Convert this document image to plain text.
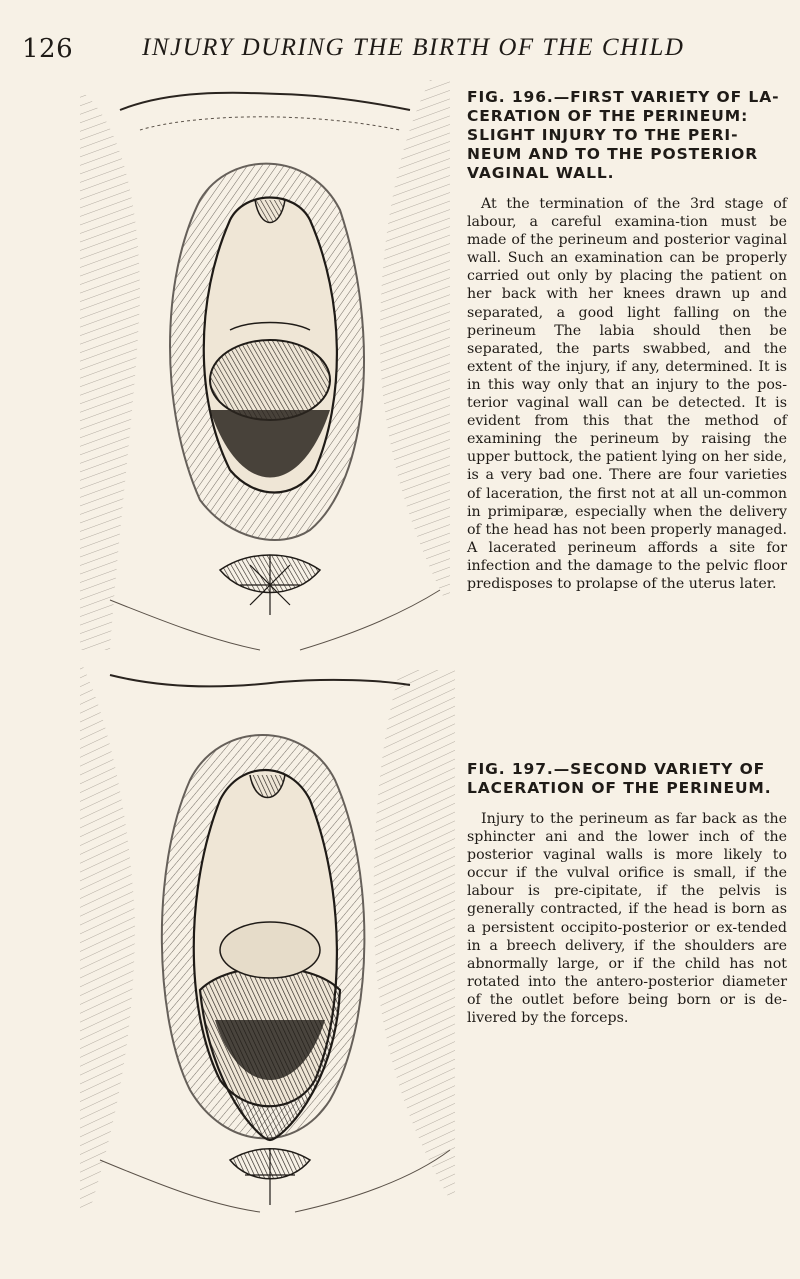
126	INJURY DURING THE BIRTH OF THE CHILD

FIG. 196.—FIRST VARIETY OF LA-CERATION OF THE PERINEUM: SLIGHT INJURY TO THE PERI-NEUM AND TO THE POSTERIOR VAGINAL WALL.

At the termination of the 3rd stage of labour, a careful examina-tion must be made of the perineum and posterior vaginal wall. Such an examination can be properly carried out only by placing the patient on her back with her knees drawn up and separated, a good light falling on the perineum The labia should then be separated, the parts swabbed, and the extent of the injury, if any, determined. It is in this way only that an injury to the pos-terior vaginal wall can be detected. It is evident from this that the method of examining the perineum by raising the upper buttock, the patient lying on her side, is a very bad one. There are four varieties of laceration, the first not at all un-common in primiparæ, especially when the delivery of the head has not been properly managed. A lacerated perineum affords a site for infection and the damage to the pelvic floor predisposes to prolapse of the uterus later.

FIG. 197.—SECOND VARIETY OF LACERATION OF THE PERINEUM.

Injury to the perineum as far back as the sphincter ani and the lower inch of the posterior vaginal walls is more likely to occur if the vulval orifice is small, if the labour is pre-cipitate, if the pelvis is generally contracted, if the head is born as a persistent occipito-posterior or ex-tended in a breech delivery, if the shoulders are abnormally large, or if the child has not rotated into the antero-posterior diameter of the outlet before being born or is de-livered by the forceps.
